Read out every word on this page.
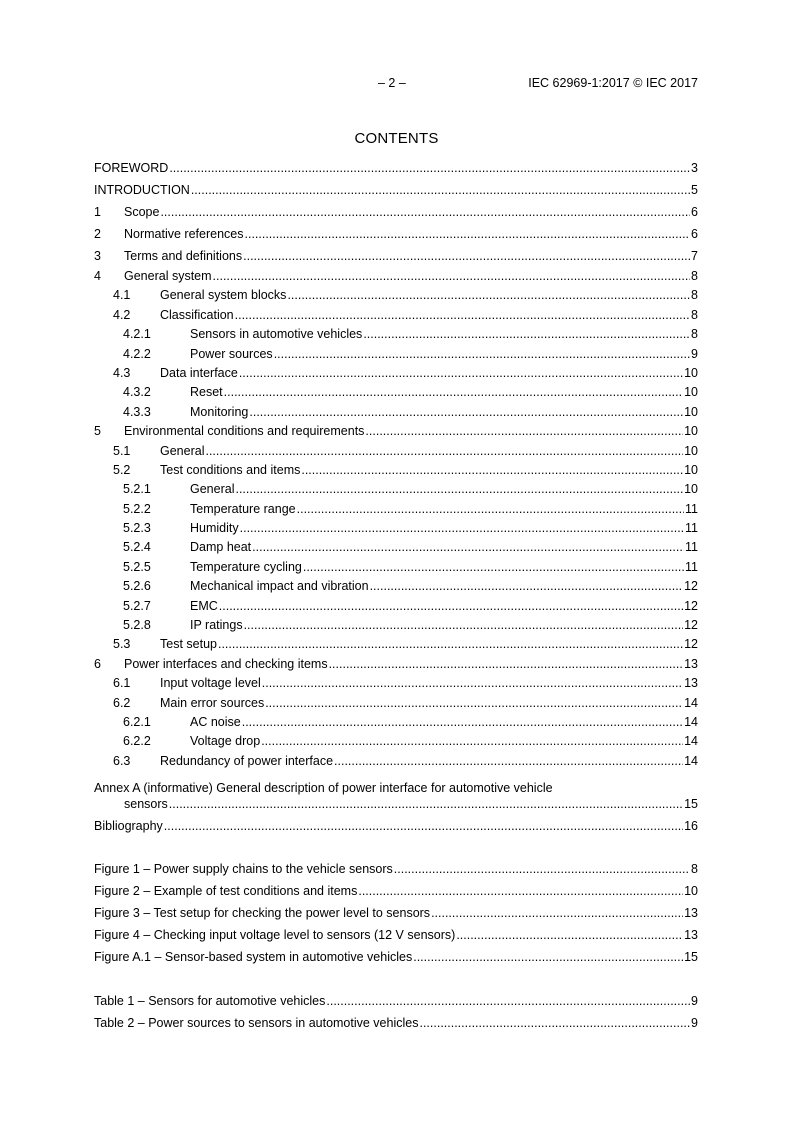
– 2 –	IEC 62969-1:2017 © IEC 2017
CONTENTS
FOREWORD .....	3
INTRODUCTION .....	5
1	Scope .....	6
2	Normative references .....	6
3	Terms and definitions .....	7
4	General system .....	8
4.1	General system blocks .....	8
4.2	Classification .....	8
4.2.1	Sensors in automotive vehicles .....	8
4.2.2	Power sources .....	9
4.3	Data interface .....	10
4.3.2	Reset .....	10
4.3.3	Monitoring .....	10
5	Environmental conditions and requirements .....	10
5.1	General .....	10
5.2	Test conditions and items .....	10
5.2.1	General .....	10
5.2.2	Temperature range .....	11
5.2.3	Humidity .....	11
5.2.4	Damp heat .....	11
5.2.5	Temperature cycling .....	11
5.2.6	Mechanical impact and vibration .....	12
5.2.7	EMC .....	12
5.2.8	IP ratings .....	12
5.3	Test setup .....	12
6	Power interfaces and checking items .....	13
6.1	Input voltage level .....	13
6.2	Main error sources .....	14
6.2.1	AC noise .....	14
6.2.2	Voltage drop .....	14
6.3	Redundancy of power interface .....	14
Annex A (informative) General description of power interface for automotive vehicle
sensors .....	15
Bibliography .....	16
Figure 1 – Power supply chains to the vehicle sensors .....	8
Figure 2 – Example of test conditions and items .....	10
Figure 3 – Test setup for checking the power level to sensors .....	13
Figure 4 – Checking input voltage level to sensors (12 V sensors) .....	13
Figure A.1 – Sensor-based system in automotive vehicles .....	15
Table 1 – Sensors for automotive vehicles .....	9
Table 2 – Power sources to sensors in automotive vehicles .....	9
